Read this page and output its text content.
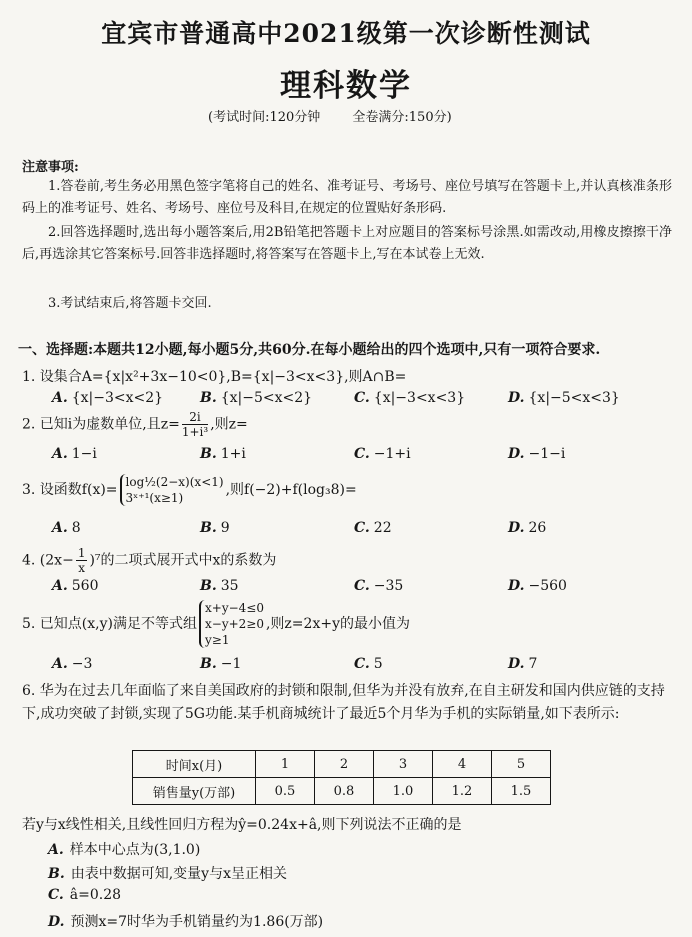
宜宾市普通高中2021级第一次诊断性测试
理科数学
(考试时间:120分钟 全卷满分:150分)
注意事项:
1.答卷前,考生务必用黑色签字笔将自己的姓名、准考证号、考场号、座位号填写在答题卡上,并认真核准条形码上的准考证号、姓名、考场号、座位号及科目,在规定的位置贴好条形码.
2.回答选择题时,选出每小题答案后,用2B铅笔把答题卡上对应题目的答案标号涂黑.如需改动,用橡皮擦擦干净后,再选涂其它答案标号.回答非选择题时,将答案写在答题卡上,写在本试卷上无效.
3.考试结束后,将答题卡交回.
一、选择题:本题共12小题,每小题5分,共60分.在每小题给出的四个选项中,只有一项符合要求.
1. 设集合A={x|x²+3x−10<0},B={x|−3<x<3},则A∩B=
A. {x|−3<x<2}	B. {x|−5<x<2}	C. {x|−3<x<3}	D. {x|−5<x<3}
2. 已知i为虚数单位,且$z= \frac{2i}{\text{1+i³}}$ ,则z=
A. 1−i	B. 1+i	C. −1+i	D. −1−i
3. 设函数f(x)= log½(2−x)(x<1)
3ˣ⁺¹(x≥1)	,则f(−2)+f(log₃8)=
A. 8	B. 9	C. 22	D. 26
4. $(2x- \frac{1}{x} )^7$的二项式展开式中x的系数为
A. 560	B. 35	C. −35	D. −560
5. 已知点(x,y)满足不等式组
x+y−4≤0
x−y+2≥0
y≥1
,则z=2x+y的最小值为
A. −3	B. −1	C. 5	D. 7
6. 华为在过去几年面临了来自美国政府的封锁和限制,但华为并没有放弃,在自主研发和国内供应链的支持下,成功突破了封锁,实现了5G功能.某手机商城统计了最近5个月华为手机的实际销量,如下表所示:
时间x(月)	1	2	3	4	5
销售量y(万部)	0.5	0.8	1.0	1.2	1.5
若y与x线性相关,且线性回归方程为ŷ=0.24x+â,则下列说法不正确的是
A. 样本中心点为(3,1.0)
B. 由表中数据可知,变量y与x呈正相关
C. â=0.28
D. 预测x=7时华为手机销量约为1.86(万部)
